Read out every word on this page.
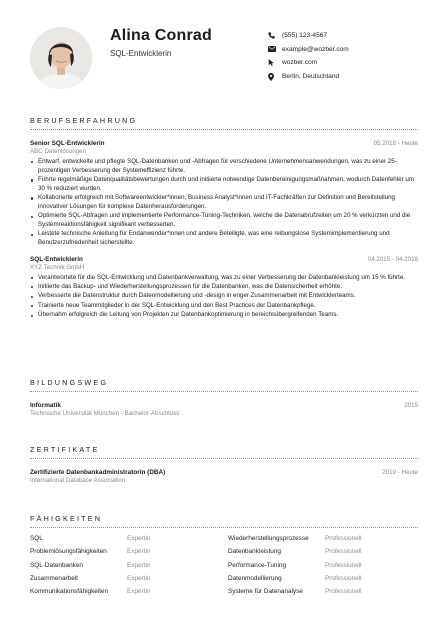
Alina Conrad
SQL-Entwicklerin
(555) 123-4567
example@wozber.com
wozber.com
Berlin, Deutschland
BERUFSERFAHRUNG
Senior SQL-Entwicklerin	05.2018 - Heute
ABC Datenlösungen
Entwarf, entwickelte und pflegte SQL-Datenbanken und -Abfragen für verschiedene Unternehmensanwendungen, was zu einer 25-prozentigen Verbesserung der Systemeffizienz führte.
Führte regelmäßige Datenqualitätsbewertungen durch und initiierte notwendige Datenbereinigungsmaßnahmen, wodurch Datenfehler um 30 % reduziert wurden.
Kollaborierte erfolgreich mit Softwareentwickler*innen, Business Analyst*innen und IT-Fachkräften zur Definition und Bereitstellung innovativer Lösungen für komplexe Datenherausforderungen.
Optimierte SQL-Abfragen und implementierte Performance-Tuning-Techniken, welche die Datenabrufzeiten um 20 % verkürzten und die Systemreaktionsfähigkeit signifikant verbesserten.
Leistete technische Anleitung für Endanwender*innen und andere Beteiligte, was eine reibungslose Systemimplementierung und Benutzerzufriedenheit sicherstellte.
SQL-Entwicklerin	04.2015 - 04.2018
XYZ Technik GmbH
Verantwortete für die SQL-Entwicklung und Datenbankverwaltung, was zu einer Verbesserung der Datenbankleistung um 15 % führte.
Initiierte das Backup- und Wiederherstellungsprozessen für die Datenbanken, was die Datensicherheit erhöhte.
Verbesserte die Datenstruktur durch Datenmodellierung und -design in enger Zusammenarbeit mit Entwicklerteams.
Trainierte neue Teammitglieder in der SQL-Entwicklung und den Best Practices der Datenbankpflege.
Übernahm erfolgreich die Leitung von Projekten zur Datenbankoptimierung in bereichsübergreifenden Teams.
BILDUNGSWEG
Informatik	2015
Technische Universität München - Bachelor-Abschluss
ZERTIFIKATE
Zertifizierte Datenbankadministratorin (DBA)	2019 - Heute
International Database Association
FÄHIGKEITEN
SQL	Expertin	Wiederherstellungsprozesse	Professionell
Problemlösungsfähigkeiten	Expertin	Datenbankleistung	Professionell
SQL-Datenbanken	Expertin	Performance-Tuning	Professionell
Zusammenarbeit	Expertin	Datenmodellierung	Professionell
Kommunikationsfähigkeiten	Expertin	Systeme für Datenanalyse	Professionell
